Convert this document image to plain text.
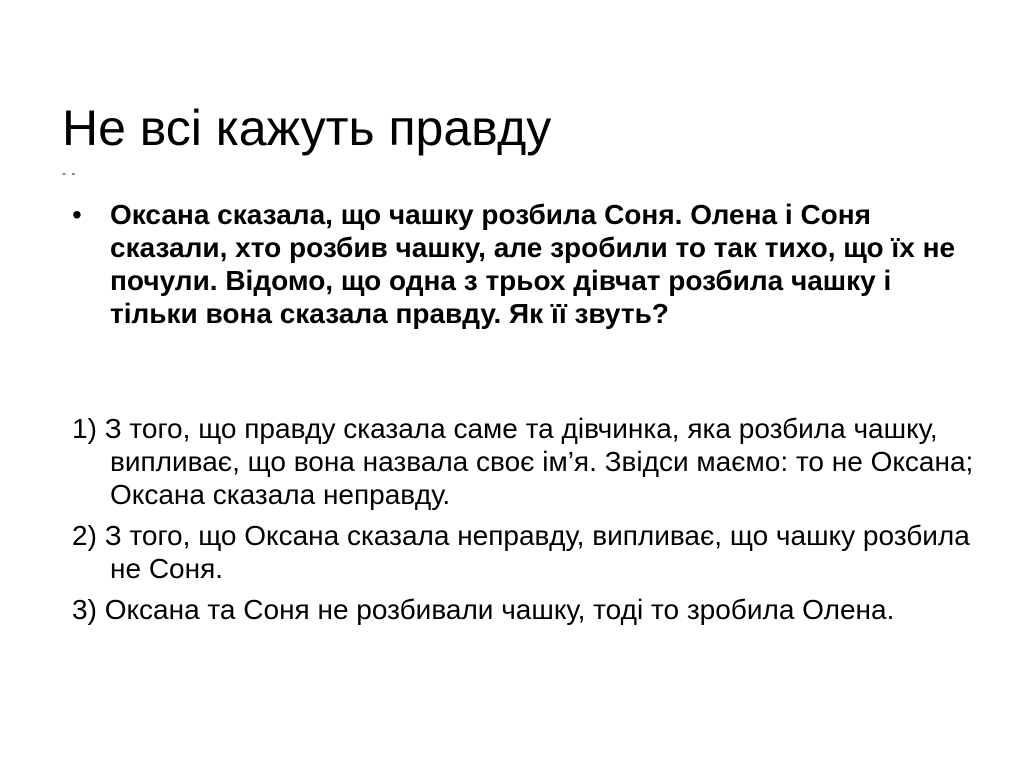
Не всі кажуть правду
- -
• Оксана сказала, що чашку розбила Соня. Олена і Соня сказали, хто розбив чашку, але зробили то так тихо, що їх не почули. Відомо, що одна з трьох дівчат розбила чашку і тільки вона сказала правду. Як її звуть?
1) З того, що правду сказала саме та дівчинка, яка розбила чашку, випливає, що вона назвала своє ім’я. Звідси маємо: то не Оксана; Оксана сказала неправду.
2) З того, що Оксана сказала неправду, випливає, що чашку розбила не Соня.
3) Оксана та Соня не розбивали чашку, тоді то зробила Олена.
